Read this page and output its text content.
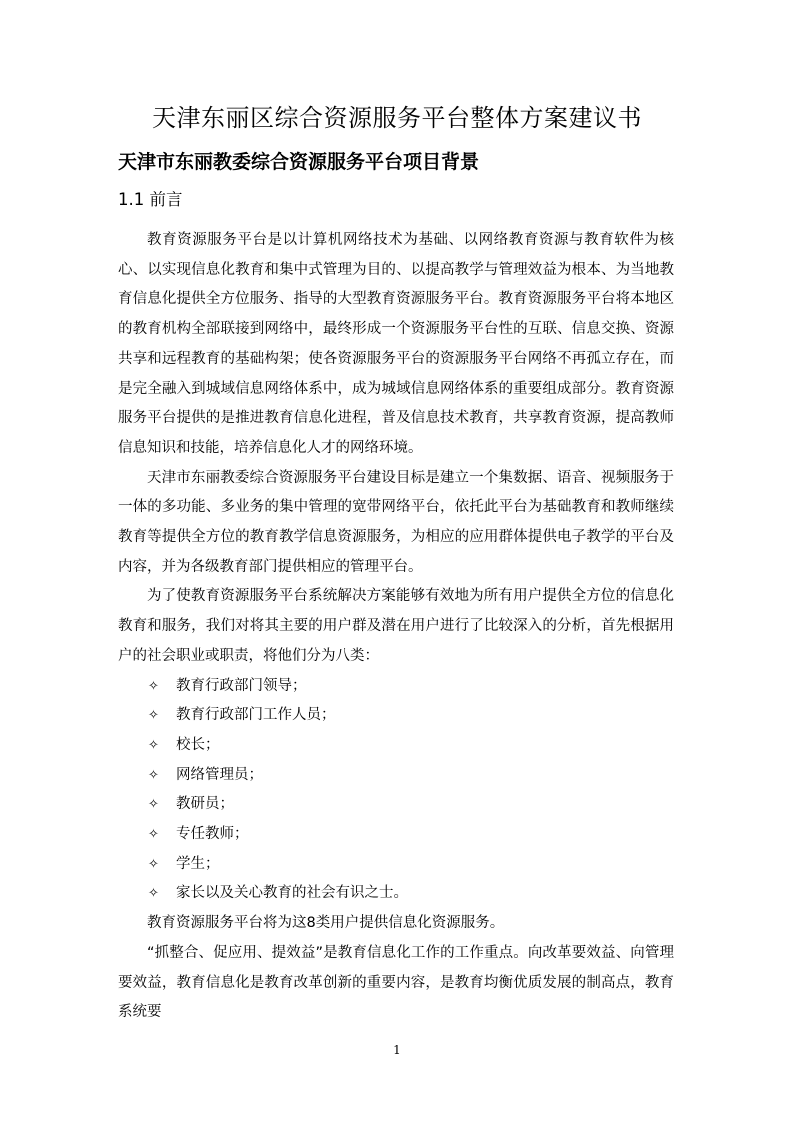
天津东丽区综合资源服务平台整体方案建议书
天津市东丽教委综合资源服务平台项目背景
1.1 前言

教育资源服务平台是以计算机网络技术为基础、以网络教育资源与教育软件为核心、以实现信息化教育和集中式管理为目的、以提高教学与管理效益为根本、为当地教育信息化提供全方位服务、指导的大型教育资源服务平台。教育资源服务平台将本地区的教育机构全部联接到网络中，最终形成一个资源服务平台性的互联、信息交换、资源共享和远程教育的基础构架；使各资源服务平台的资源服务平台网络不再孤立存在，而是完全融入到城域信息网络体系中，成为城域信息网络体系的重要组成部分。教育资源服务平台提供的是推进教育信息化进程，普及信息技术教育，共享教育资源，提高教师信息知识和技能，培养信息化人才的网络环境。

天津市东丽教委综合资源服务平台建设目标是建立一个集数据、语音、视频服务于一体的多功能、多业务的集中管理的宽带网络平台，依托此平台为基础教育和教师继续教育等提供全方位的教育教学信息资源服务，为相应的应用群体提供电子教学的平台及内容，并为各级教育部门提供相应的管理平台。

为了使教育资源服务平台系统解决方案能够有效地为所有用户提供全方位的信息化教育和服务，我们对将其主要的用户群及潜在用户进行了比较深入的分析，首先根据用户的社会职业或职责，将他们分为八类：

✧ 教育行政部门领导；
✧ 教育行政部门工作人员；
✧ 校长；
✧ 网络管理员；
✧ 教研员；
✧ 专任教师；
✧ 学生；
✧ 家长以及关心教育的社会有识之士。

教育资源服务平台将为这8类用户提供信息化资源服务。

“抓整合、促应用、提效益”是教育信息化工作的工作重点。向改革要效益、向管理要效益，教育信息化是教育改革创新的重要内容，是教育均衡优质发展的制高点，教育系统要

1
